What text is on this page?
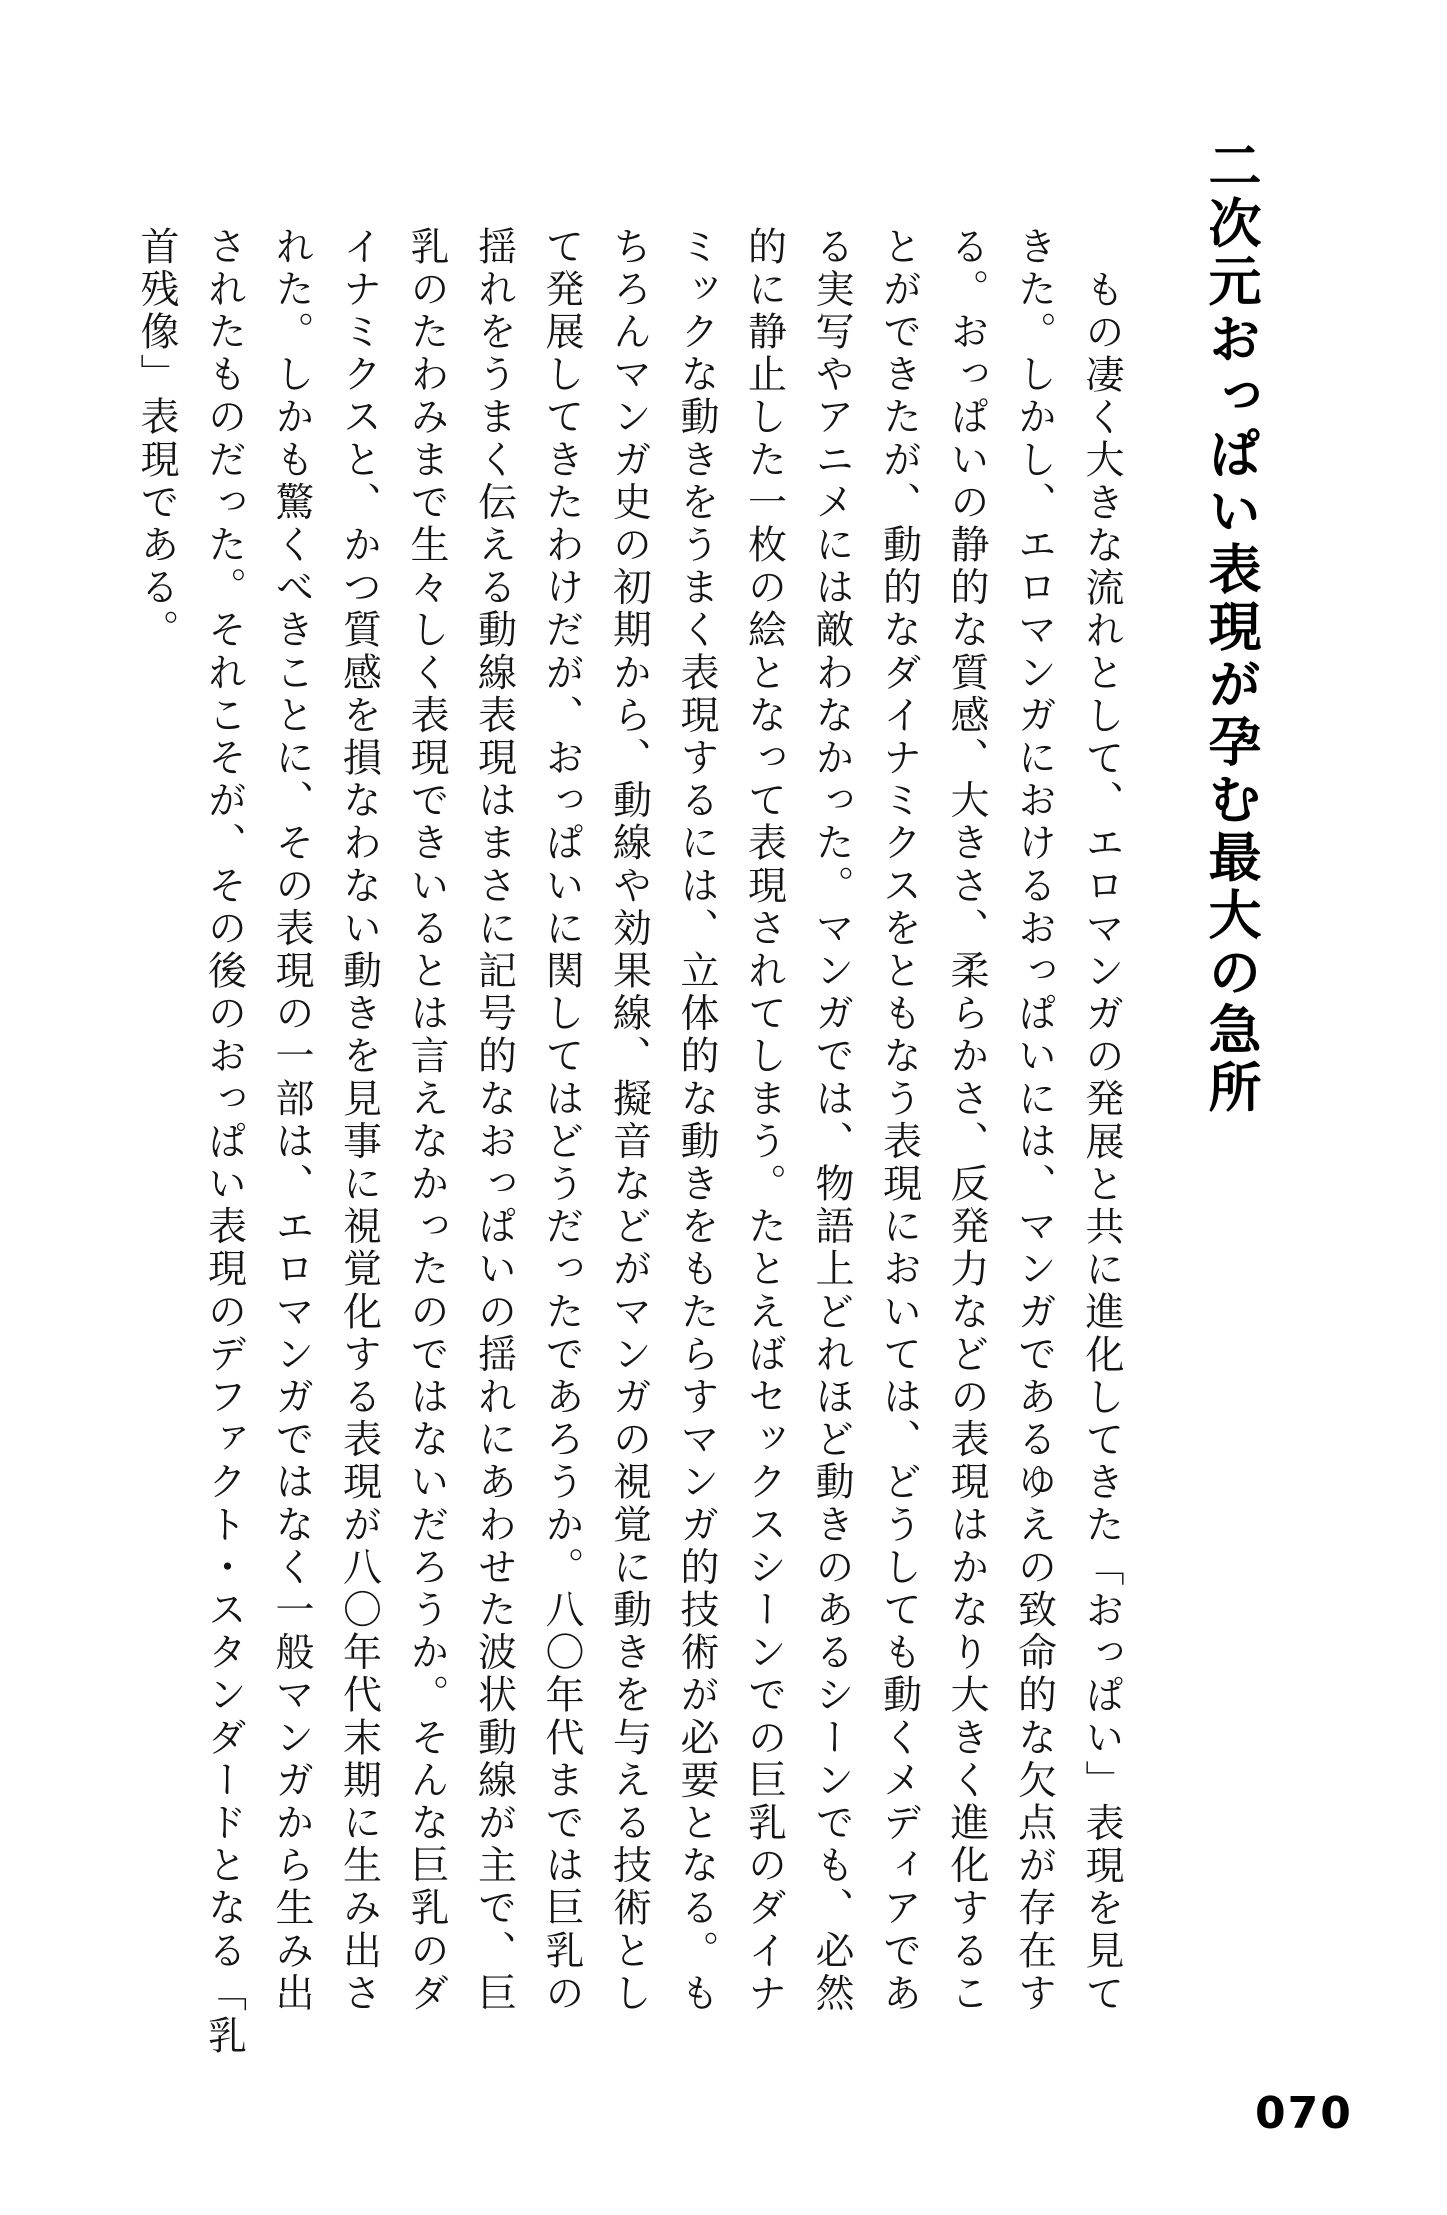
二次元おっぱい表現が孕む最大の急所
もの凄く大きな流れとして、エロマンガの発展と共に進化してきた「おっぱい」表現を見て
きた。しかし、エロマンガにおけるおっぱいには、マンガであるゆえの致命的な欠点が存在す
る。おっぱいの静的な質感、大きさ、柔らかさ、反発力などの表現はかなり大きく進化するこ
とができたが、動的なダイナミクスをともなう表現においては、どうしても動くメディアであ
る実写やアニメには敵わなかった。マンガでは、物語上どれほど動きのあるシーンでも、必然
的に静止した一枚の絵となって表現されてしまう。たとえばセックスシーンでの巨乳のダイナ
ミックな動きをうまく表現するには、立体的な動きをもたらすマンガ的技術が必要となる。も
ちろんマンガ史の初期から、動線や効果線、擬音などがマンガの視覚に動きを与える技術とし
て発展してきたわけだが、おっぱいに関してはどうだったであろうか。八〇年代までは巨乳の
揺れをうまく伝える動線表現はまさに記号的なおっぱいの揺れにあわせた波状動線が主で、巨
乳のたわみまで生々しく表現できいるとは言えなかったのではないだろうか。そんな巨乳のダ
イナミクスと、かつ質感を損なわない動きを見事に視覚化する表現が八〇年代末期に生み出さ
れた。しかも驚くべきことに、その表現の一部は、エロマンガではなく一般マンガから生み出
されたものだった。それこそが、その後のおっぱい表現のデファクト・スタンダードとなる「乳
首残像」表現である。
070
